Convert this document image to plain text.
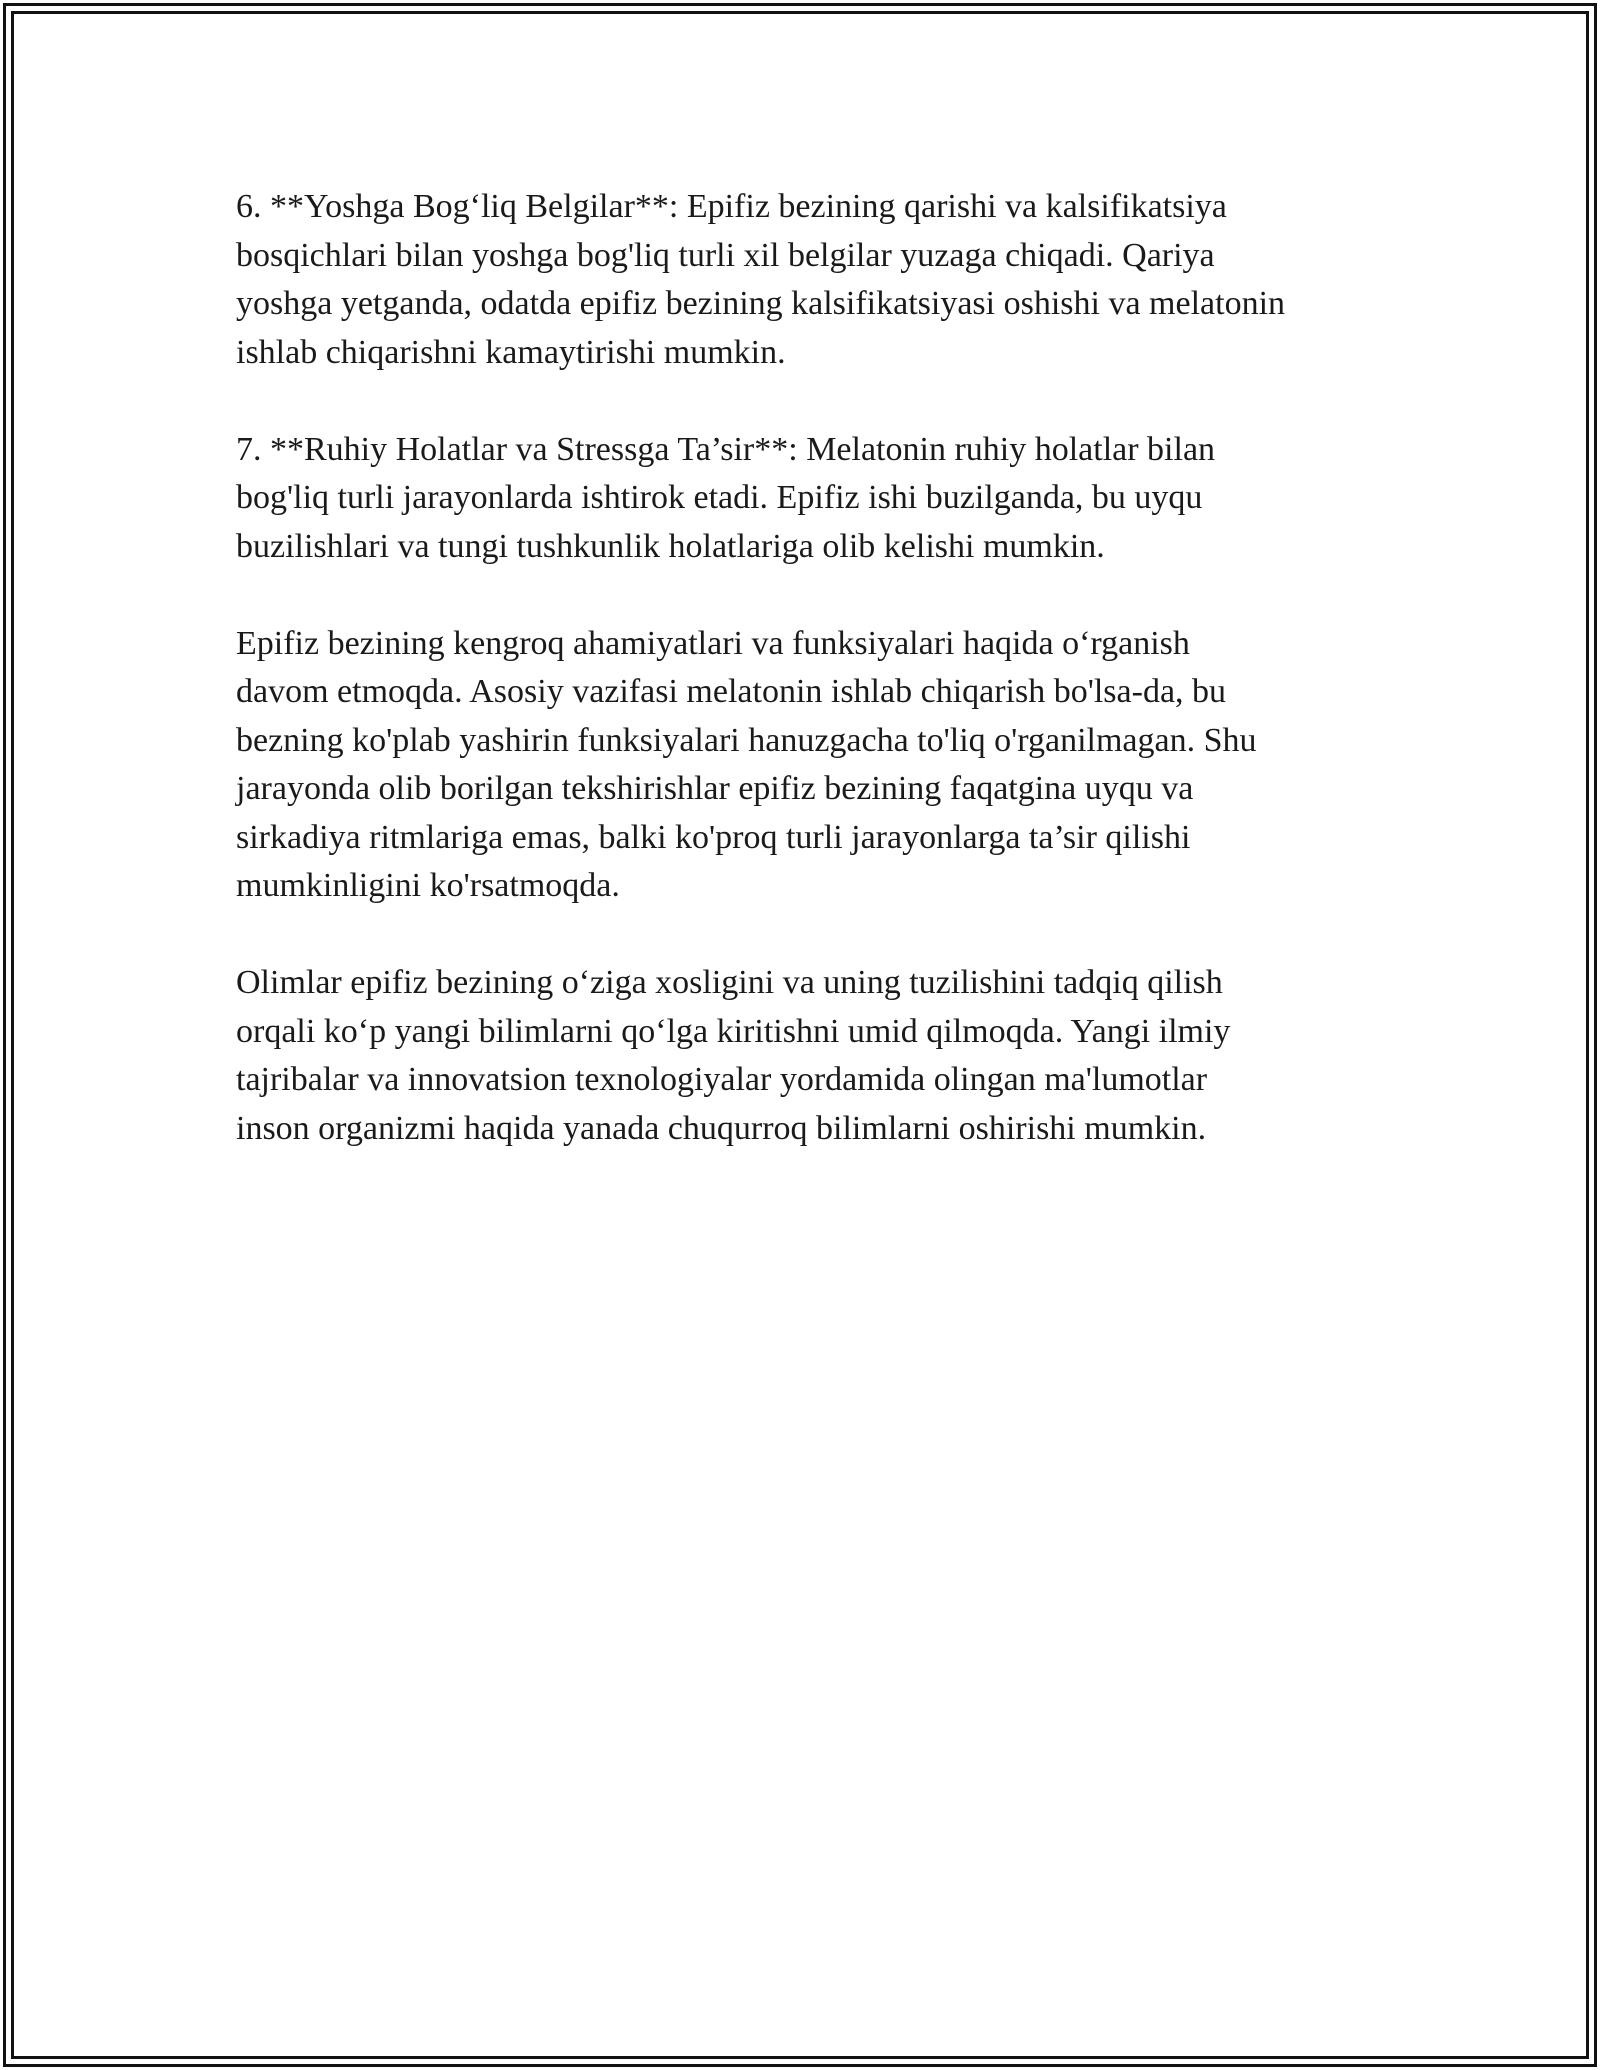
6. **Yoshga Bog‘liq Belgilar**: Epifiz bezining qarishi va kalsifikatsiya
bosqichlari bilan yoshga bog'liq turli xil belgilar yuzaga chiqadi. Qariya
yoshga yetganda, odatda epifiz bezining kalsifikatsiyasi oshishi va melatonin
ishlab chiqarishni kamaytirishi mumkin.

7. **Ruhiy Holatlar va Stressga Ta’sir**: Melatonin ruhiy holatlar bilan
bog'liq turli jarayonlarda ishtirok etadi. Epifiz ishi buzilganda, bu uyqu
buzilishlari va tungi tushkunlik holatlariga olib kelishi mumkin.

Epifiz bezining kengroq ahamiyatlari va funksiyalari haqida o‘rganish
davom etmoqda. Asosiy vazifasi melatonin ishlab chiqarish bo'lsa-da, bu
bezning ko'plab yashirin funksiyalari hanuzgacha to'liq o'rganilmagan. Shu
jarayonda olib borilgan tekshirishlar epifiz bezining faqatgina uyqu va
sirkadiya ritmlariga emas, balki ko'proq turli jarayonlarga ta’sir qilishi
mumkinligini ko'rsatmoqda.

Olimlar epifiz bezining o‘ziga xosligini va uning tuzilishini tadqiq qilish
orqali ko‘p yangi bilimlarni qo‘lga kiritishni umid qilmoqda. Yangi ilmiy
tajribalar va innovatsion texnologiyalar yordamida olingan ma'lumotlar
inson organizmi haqida yanada chuqurroq bilimlarni oshirishi mumkin.
